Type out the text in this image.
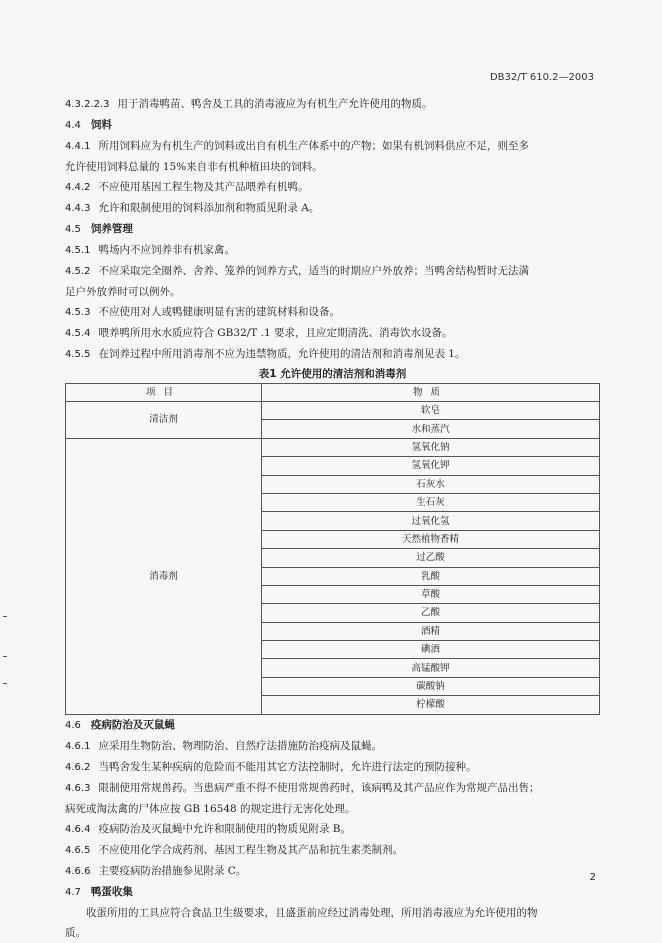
DB32/T 610.2—2003

4.3.2.2.3 用于消毒鸭苗、鸭舍及工具的消毒液应为有机生产允许使用的物质。

4.4 饲料

4.4.1 所用饲料应为有机生产的饲料或出自有机生产体系中的产物；如果有机饲料供应不足，则至多

允许使用饲料总量的 15%来自非有机种植田块的饲料。

4.4.2 不应使用基因工程生物及其产品喂养有机鸭。

4.4.3 允许和限制使用的饲料添加剂和物质见附录 A。

4.5 饲养管理

4.5.1 鸭场内不应饲养非有机家禽。

4.5.2 不应采取完全圈养、舍养、笼养的饲养方式，适当的时期应户外放养；当鸭舍结构暂时无法满

足户外放养时可以例外。

4.5.3 不应使用对人或鸭健康明显有害的建筑材料和设备。

4.5.4 喂养鸭所用水水质应符合 GB32/T .1 要求，且应定期清洗、消毒饮水设备。

4.5.5 在饲养过程中所用消毒剂不应为违禁物质，允许使用的清洁剂和消毒剂见表 1。

表1 允许使用的清洁剂和消毒剂

项目	物质
清洁剂	软皂
	水和蒸汽
消毒剂	氢氧化钠
	氢氧化钾
	石灰水
	生石灰
	过氧化氢
	天然植物香精
	过乙酸
	乳酸
	草酸
	乙酸
	酒精
	碘酒
	高锰酸钾
	碳酸钠
	柠檬酸

4.6 疫病防治及灭鼠蝇

4.6.1 应采用生物防治、物理防治、自然疗法措施防治疫病及鼠蝇。

4.6.2 当鸭舍发生某种疾病的危险而不能用其它方法控制时，允许进行法定的预防接种。

4.6.3 限制使用常规兽药。当患病严重不得不使用常规兽药时，该病鸭及其产品应作为常规产品出售；

病死或淘汰禽的尸体应按 GB 16548 的规定进行无害化处理。

4.6.4 疫病防治及灭鼠蝇中允许和限制使用的物质见附录 B。

4.6.5 不应使用化学合成药剂、基因工程生物及其产品和抗生素类制剂。

4.6.6 主要疫病防治措施参见附录 C。

4.7 鸭蛋收集

收蛋所用的工具应符合食品卫生级要求，且盛蛋前应经过消毒处理，所用消毒液应为允许使用的物

质。

2
